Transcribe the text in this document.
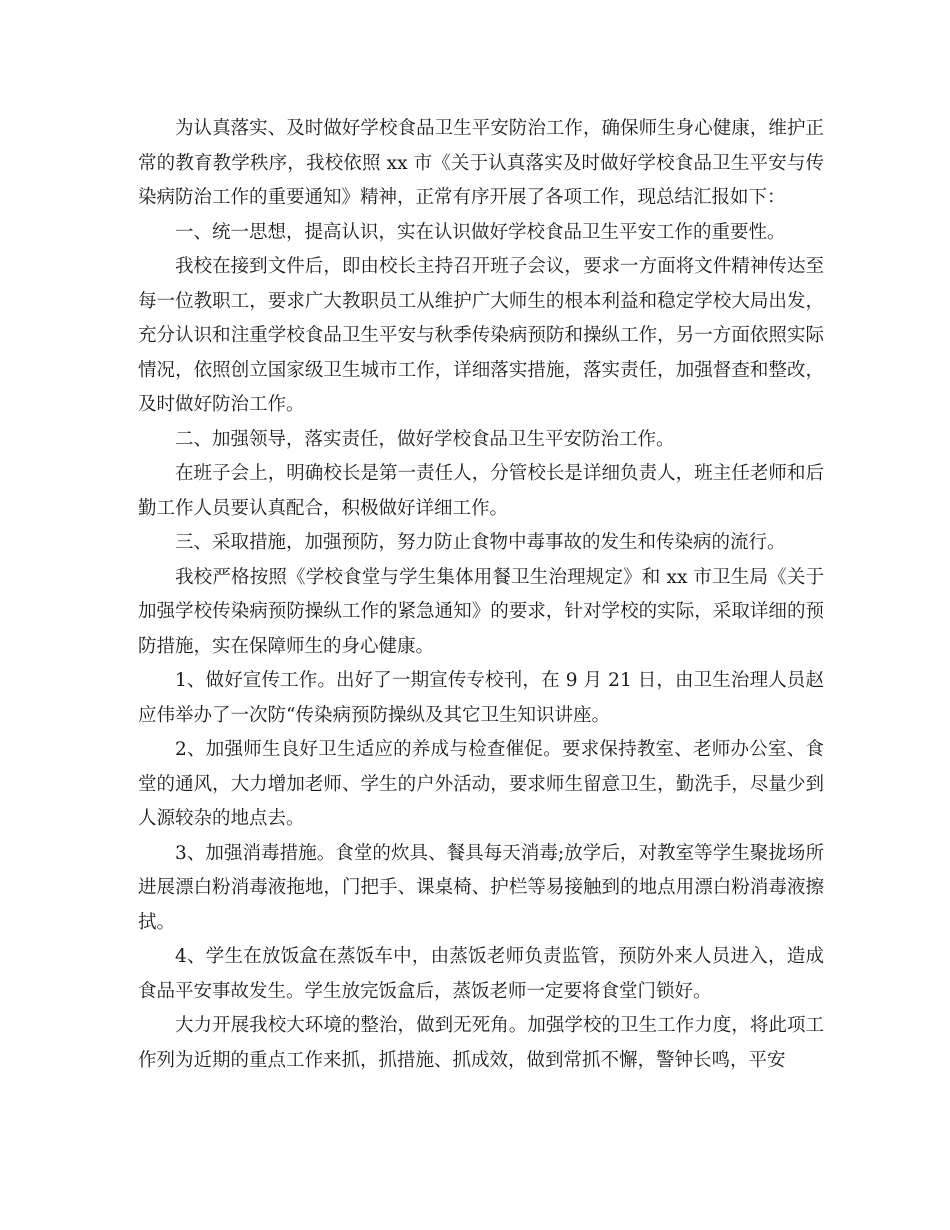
为认真落实、及时做好学校食品卫生平安防治工作，确保师生身心健康，维护正常的教育教学秩序，我校依照 xx 市《关于认真落实及时做好学校食品卫生平安与传染病防治工作的重要通知》精神，正常有序开展了各项工作，现总结汇报如下：

一、统一思想，提高认识，实在认识做好学校食品卫生平安工作的重要性。

我校在接到文件后，即由校长主持召开班子会议，要求一方面将文件精神传达至每一位教职工，要求广大教职员工从维护广大师生的根本利益和稳定学校大局出发，充分认识和注重学校食品卫生平安与秋季传染病预防和操纵工作，另一方面依照实际情况，依照创立国家级卫生城市工作，详细落实措施，落实责任，加强督查和整改，及时做好防治工作。

二、加强领导，落实责任，做好学校食品卫生平安防治工作。

在班子会上，明确校长是第一责任人，分管校长是详细负责人，班主任老师和后勤工作人员要认真配合，积极做好详细工作。

三、采取措施，加强预防，努力防止食物中毒事故的发生和传染病的流行。

我校严格按照《学校食堂与学生集体用餐卫生治理规定》和 xx 市卫生局《关于加强学校传染病预防操纵工作的紧急通知》的要求，针对学校的实际，采取详细的预防措施，实在保障师生的身心健康。

1、做好宣传工作。出好了一期宣传专校刊，在 9 月 21 日，由卫生治理人员赵应伟举办了一次防“传染病预防操纵及其它卫生知识讲座。

2、加强师生良好卫生适应的养成与检查催促。要求保持教室、老师办公室、食堂的通风，大力增加老师、学生的户外活动，要求师生留意卫生，勤洗手，尽量少到人源较杂的地点去。

3、加强消毒措施。食堂的炊具、餐具每天消毒;放学后，对教室等学生聚拢场所进展漂白粉消毒液拖地，门把手、课桌椅、护栏等易接触到的地点用漂白粉消毒液擦拭。

4、学生在放饭盒在蒸饭车中，由蒸饭老师负责监管，预防外来人员进入，造成食品平安事故发生。学生放完饭盒后，蒸饭老师一定要将食堂门锁好。

大力开展我校大环境的整治，做到无死角。加强学校的卫生工作力度，将此项工作列为近期的重点工作来抓，抓措施、抓成效，做到常抓不懈，警钟长鸣，平安
